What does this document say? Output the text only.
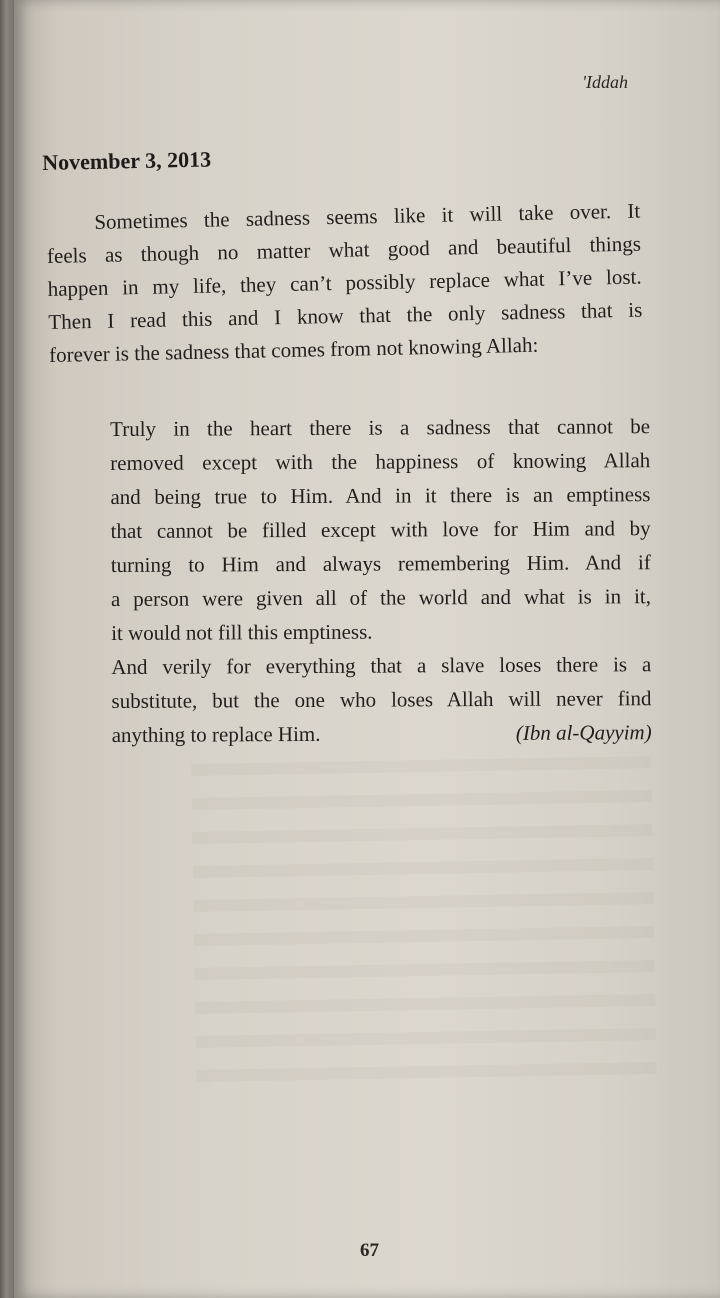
'Iddah
November 3, 2013
Sometimes the sadness seems like it will take over. It
feels as though no matter what good and beautiful things
happen in my life, they can’t possibly replace what I’ve lost.
Then I read this and I know that the only sadness that is
forever is the sadness that comes from not knowing Allah:
Truly in the heart there is a sadness that cannot be
removed except with the happiness of knowing Allah
and being true to Him. And in it there is an emptiness
that cannot be filled except with love for Him and by
turning to Him and always remembering Him. And if
a person were given all of the world and what is in it,
it would not fill this emptiness.
And verily for everything that a slave loses there is a
substitute, but the one who loses Allah will never find
anything to replace Him.	(Ibn al-Qayyim)
67
